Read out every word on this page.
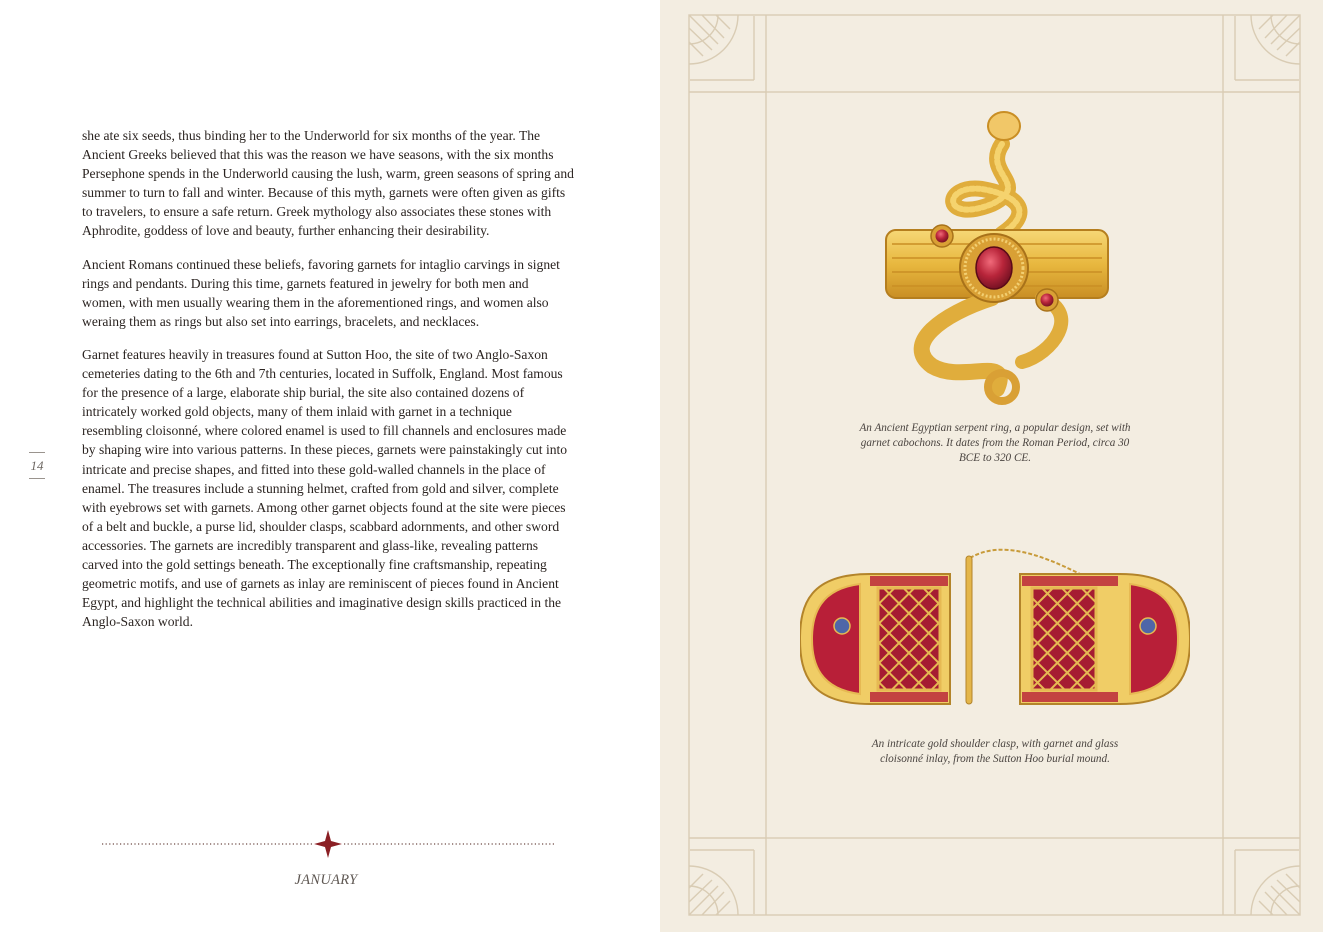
she ate six seeds, thus binding her to the Underworld for six months of the year. The Ancient Greeks believed that this was the reason we have seasons, with the six months Persephone spends in the Underworld causing the lush, warm, green seasons of spring and summer to turn to fall and winter. Because of this myth, garnets were often given as gifts to travelers, to ensure a safe return. Greek mythology also associates these stones with Aphrodite, goddess of love and beauty, further enhancing their desirability.

Ancient Romans continued these beliefs, favoring garnets for intaglio carvings in signet rings and pendants. During this time, garnets featured in jewelry for both men and women, with men usually wearing them in the aforementioned rings, and women also weraing them as rings but also set into earrings, bracelets, and necklaces.

Garnet features heavily in treasures found at Sutton Hoo, the site of two Anglo-Saxon cemeteries dating to the 6th and 7th centuries, located in Suffolk, England. Most famous for the presence of a large, elaborate ship burial, the site also contained dozens of intricately worked gold objects, many of them inlaid with garnet in a technique resembling cloisonné, where colored enamel is used to fill channels and enclosures made by shaping wire into various patterns. In these pieces, garnets were painstakingly cut into intricate and precise shapes, and fitted into these gold-walled channels in the place of enamel. The treasures include a stunning helmet, crafted from gold and silver, complete with eyebrows set with garnets. Among other garnet objects found at the site were pieces of a belt and buckle, a purse lid, shoulder clasps, scabbard adornments, and other sword accessories. The garnets are incredibly transparent and glass-like, revealing patterns carved into the gold settings beneath. The exceptionally fine craftsmanship, repeating geometric motifs, and use of garnets as inlay are reminiscent of pieces found in Ancient Egypt, and highlight the technical abilities and imaginative design skills practiced in the Anglo-Saxon world.

14
JANUARY
An Ancient Egyptian serpent ring, a popular design, set with garnet cabochons. It dates from the Roman Period, circa 30 BCE to 320 CE.
An intricate gold shoulder clasp, with garnet and glass cloisonné inlay, from the Sutton Hoo burial mound.
